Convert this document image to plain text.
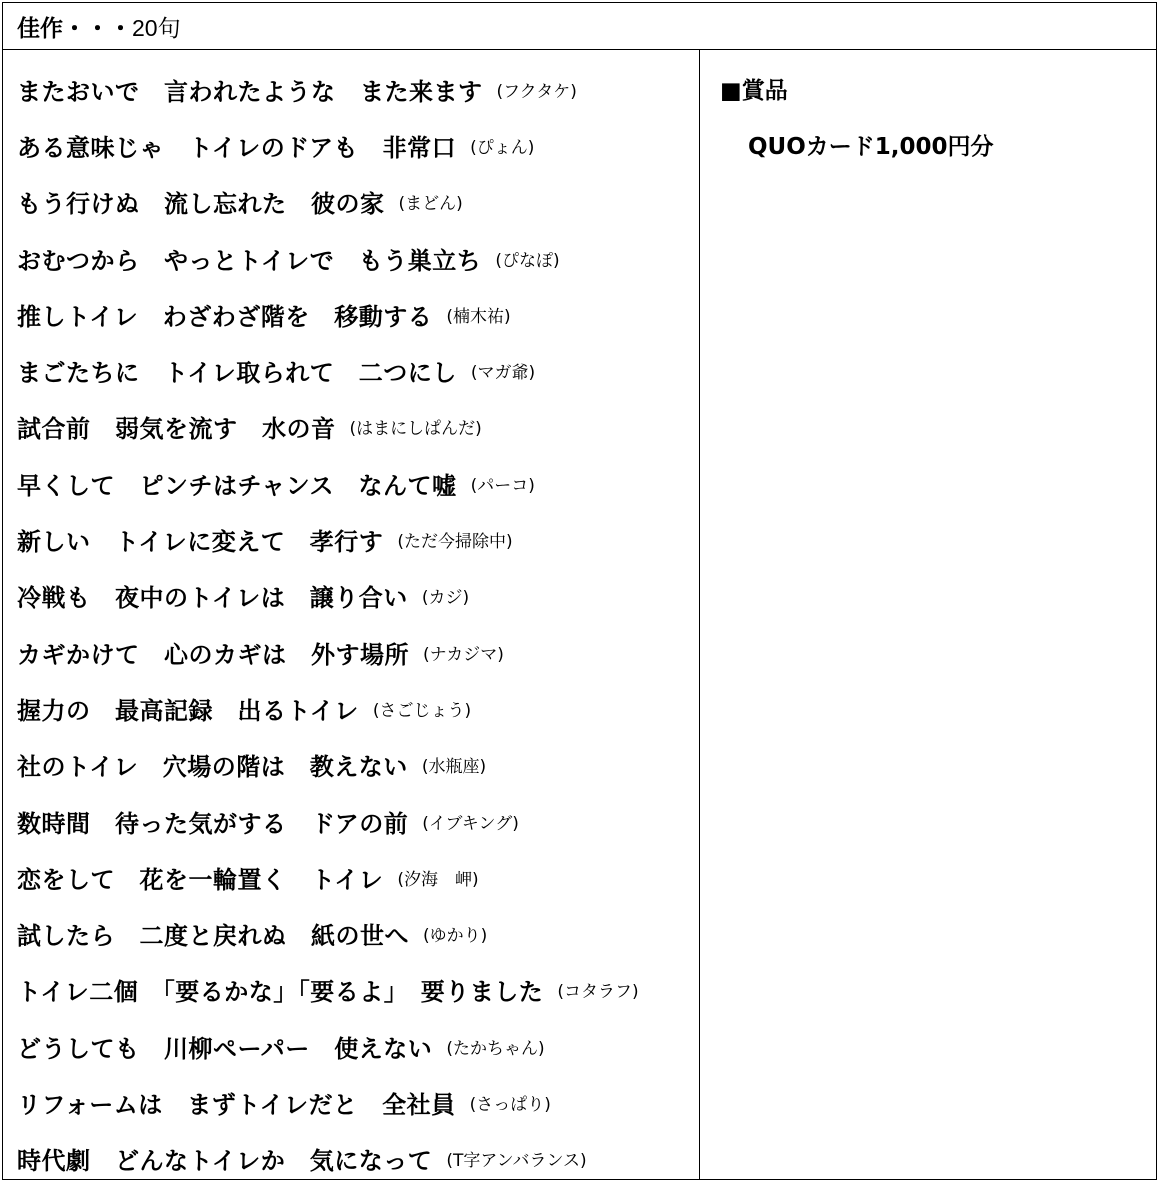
佳作・・・ 20句
またおいで　言われたような　また来ます (フクタケ)
ある意味じゃ　トイレのドアも　非常口 (ぴょん)
もう行けぬ　流し忘れた　彼の家 (まどん)
おむつから　やっとトイレで　もう巣立ち (ぴなぽ)
推しトイレ　わざわざ階を　移動する (楠木祐)
まごたちに　トイレ取られて　二つにし (マガ爺)
試合前　弱気を流す　水の音 (はまにしぱんだ)
早くして　ピンチはチャンス　なんて嘘 (パーコ)
新しい　トイレに変えて　孝行す (ただ今掃除中)
冷戦も　夜中のトイレは　譲り合い (カジ)
カギかけて　心のカギは　外す場所 (ナカジマ)
握力の　最高記録　出るトイレ (さごじょう)
社のトイレ　穴場の階は　教えない (水瓶座)
数時間　待った気がする　ドアの前 (イブキング)
恋をして　花を一輪置く　トイレ (汐海　岬)
試したら　二度と戻れぬ　紙の世へ (ゆかり)
トイレ二個　「要るかな」「要るよ」　要りました (コタラフ)
どうしても　川柳ペーパー　使えない (たかちゃん)
リフォームは　まずトイレだと　全社員 (さっぱり)
時代劇　どんなトイレか　気になって (T字アンバランス)
■賞品
QUOカード1,000円分
